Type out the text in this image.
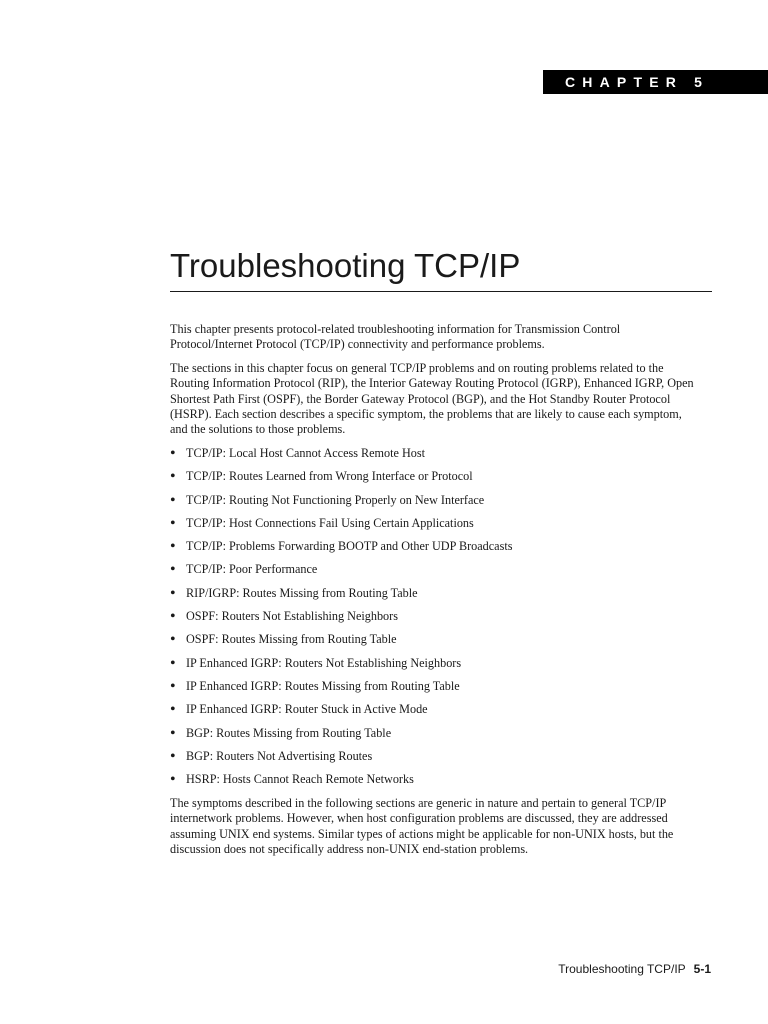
CHAPTER 5
Troubleshooting TCP/IP

This chapter presents protocol-related troubleshooting information for Transmission Control Protocol/Internet Protocol (TCP/IP) connectivity and performance problems.

The sections in this chapter focus on general TCP/IP problems and on routing problems related to the Routing Information Protocol (RIP), the Interior Gateway Routing Protocol (IGRP), Enhanced IGRP, Open Shortest Path First (OSPF), the Border Gateway Protocol (BGP), and the Hot Standby Router Protocol (HSRP). Each section describes a specific symptom, the problems that are likely to cause each symptom, and the solutions to those problems.

• TCP/IP: Local Host Cannot Access Remote Host
• TCP/IP: Routes Learned from Wrong Interface or Protocol
• TCP/IP: Routing Not Functioning Properly on New Interface
• TCP/IP: Host Connections Fail Using Certain Applications
• TCP/IP: Problems Forwarding BOOTP and Other UDP Broadcasts
• TCP/IP: Poor Performance
• RIP/IGRP: Routes Missing from Routing Table
• OSPF: Routers Not Establishing Neighbors
• OSPF: Routes Missing from Routing Table
• IP Enhanced IGRP: Routers Not Establishing Neighbors
• IP Enhanced IGRP: Routes Missing from Routing Table
• IP Enhanced IGRP: Router Stuck in Active Mode
• BGP: Routes Missing from Routing Table
• BGP: Routers Not Advertising Routes
• HSRP: Hosts Cannot Reach Remote Networks

The symptoms described in the following sections are generic in nature and pertain to general TCP/IP internetwork problems. However, when host configuration problems are discussed, they are addressed assuming UNIX end systems. Similar types of actions might be applicable for non-UNIX hosts, but the discussion does not specifically address non-UNIX end-station problems.

Troubleshooting TCP/IP 5-1
